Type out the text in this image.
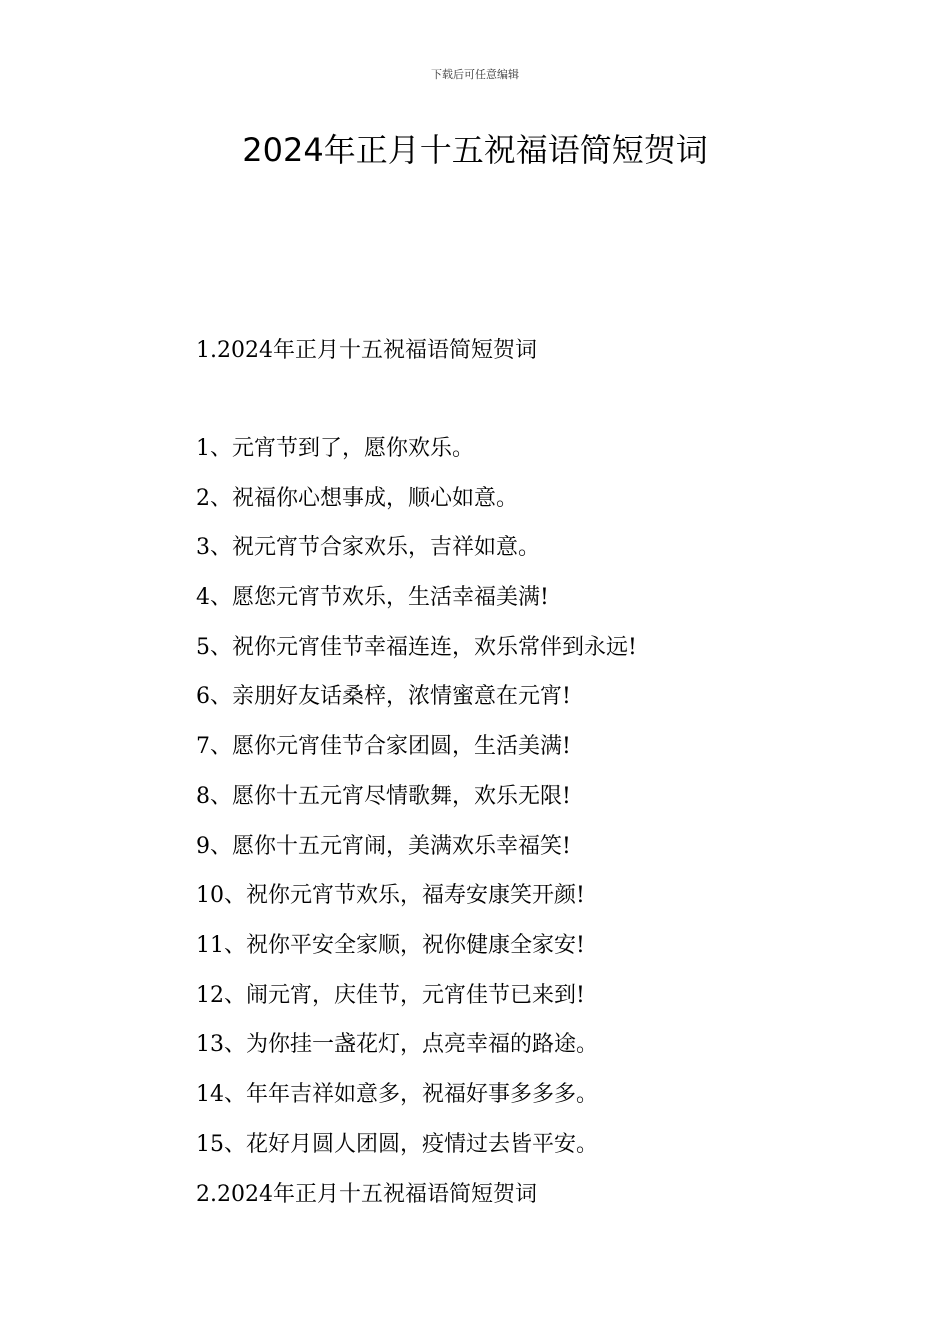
下载后可任意编辑
2024年正月十五祝福语简短贺词
1.2024年正月十五祝福语简短贺词
1、元宵节到了，愿你欢乐。
2、祝福你心想事成，顺心如意。
3、祝元宵节合家欢乐，吉祥如意。
4、愿您元宵节欢乐，生活幸福美满!
5、祝你元宵佳节幸福连连，欢乐常伴到永远!
6、亲朋好友话桑梓，浓情蜜意在元宵!
7、愿你元宵佳节合家团圆，生活美满!
8、愿你十五元宵尽情歌舞，欢乐无限!
9、愿你十五元宵闹，美满欢乐幸福笑!
10、祝你元宵节欢乐，福寿安康笑开颜!
11、祝你平安全家顺，祝你健康全家安!
12、闹元宵，庆佳节，元宵佳节已来到!
13、为你挂一盏花灯，点亮幸福的路途。
14、年年吉祥如意多，祝福好事多多多。
15、花好月圆人团圆，疫情过去皆平安。
2.2024年正月十五祝福语简短贺词
